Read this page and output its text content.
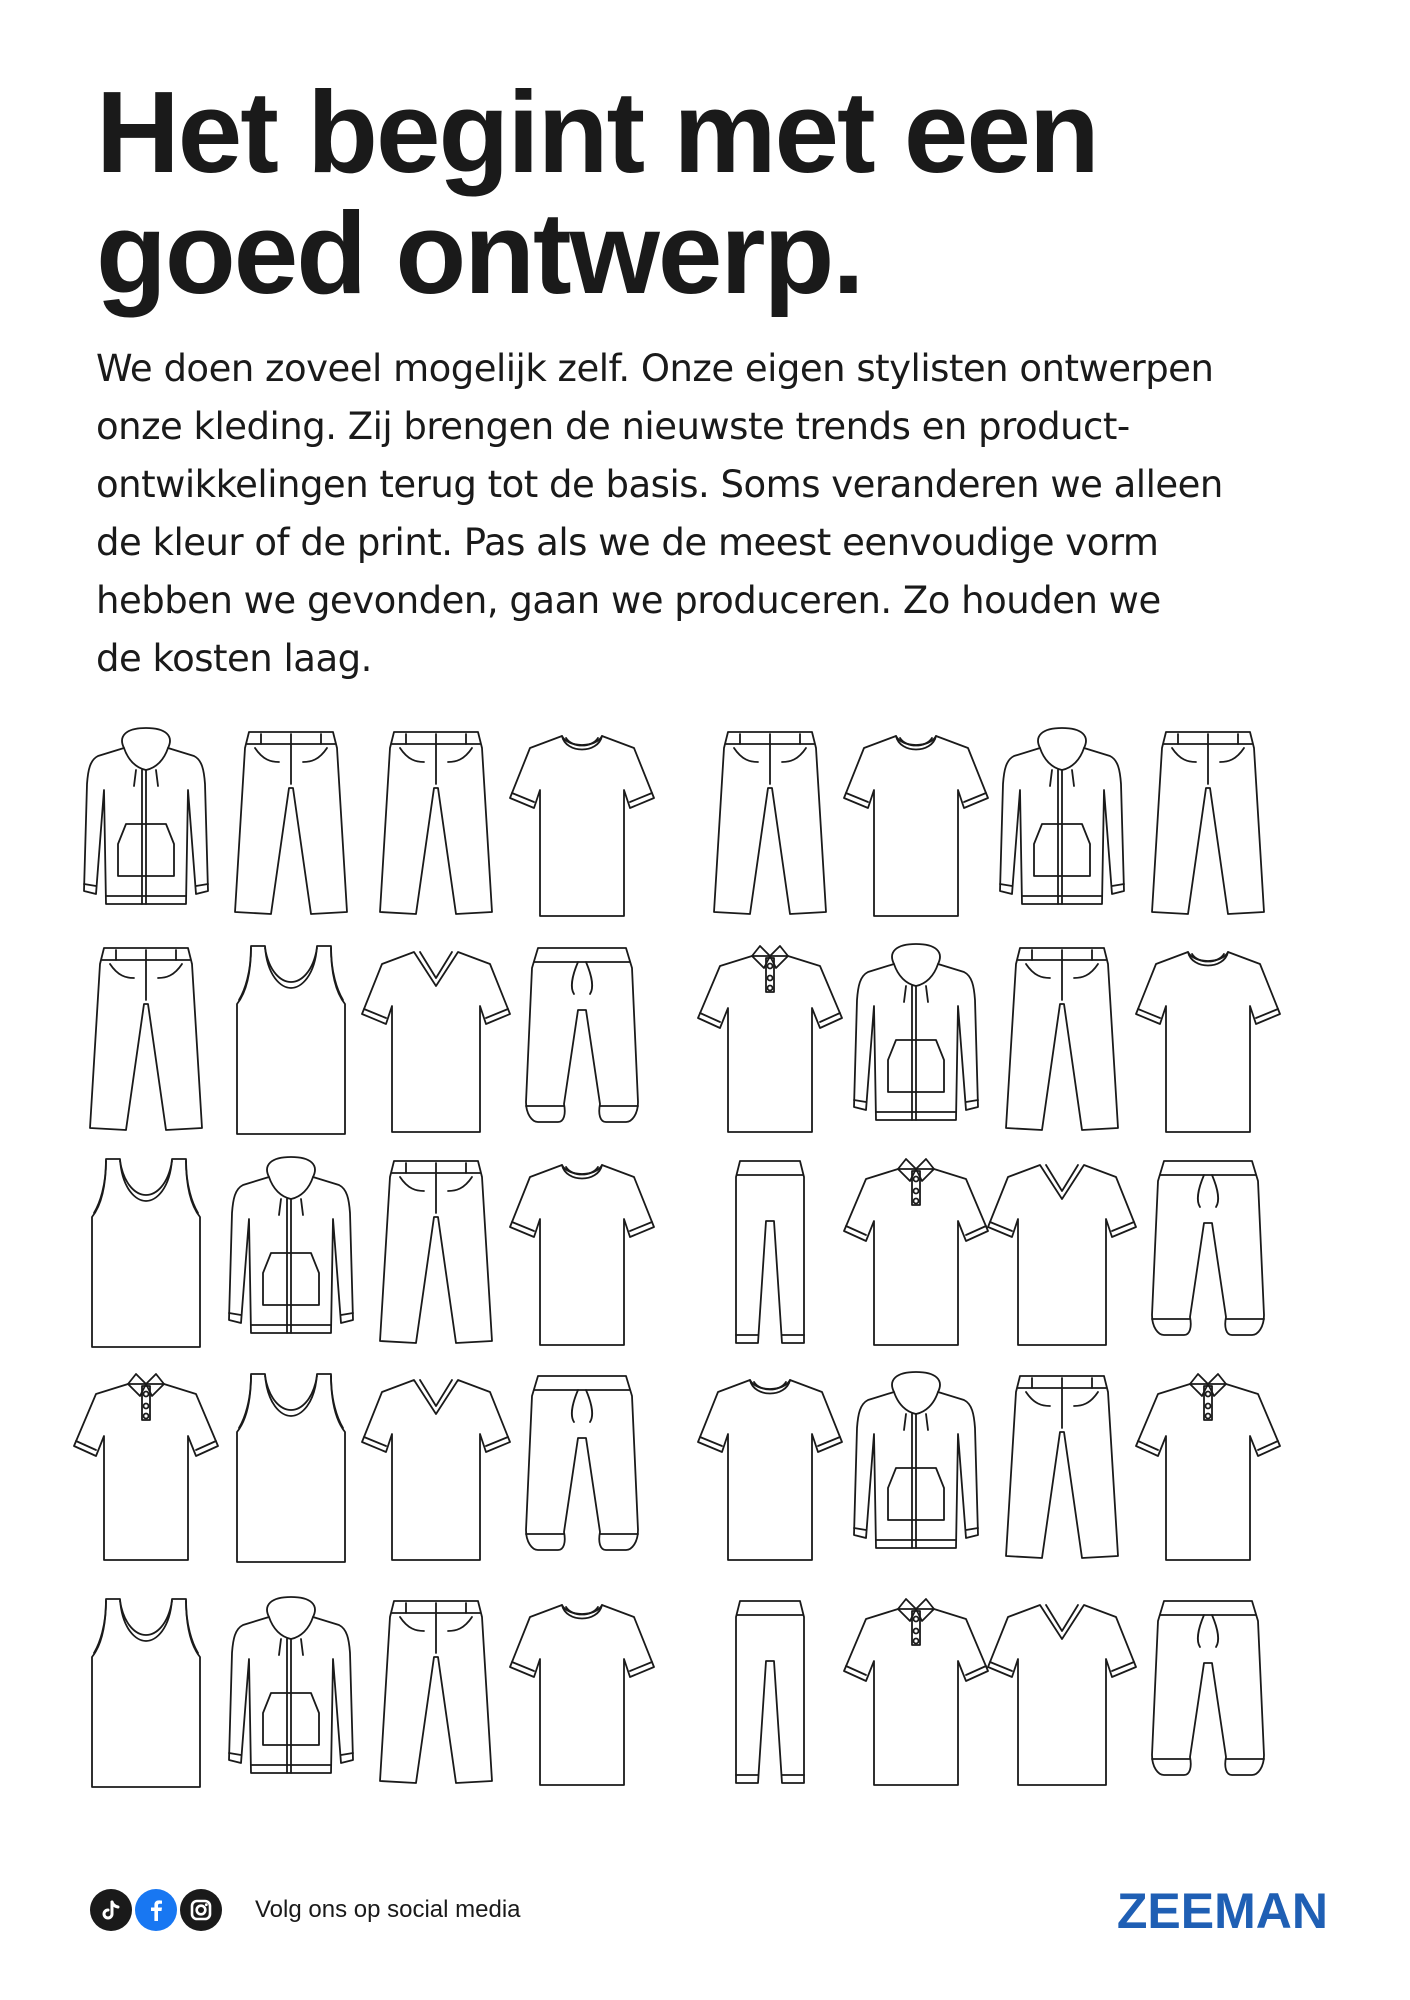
Het begint met een
goed ontwerp.

We doen zoveel mogelijk zelf. Onze eigen stylisten ontwerpen
onze kleding. Zij brengen de nieuwste trends en product-
ontwikkelingen terug tot de basis. Soms veranderen we alleen
de kleur of de print. Pas als we de meest eenvoudige vorm
hebben we gevonden, gaan we produceren. Zo houden we
de kosten laag.

Volg ons op social media	ZEEMAN
